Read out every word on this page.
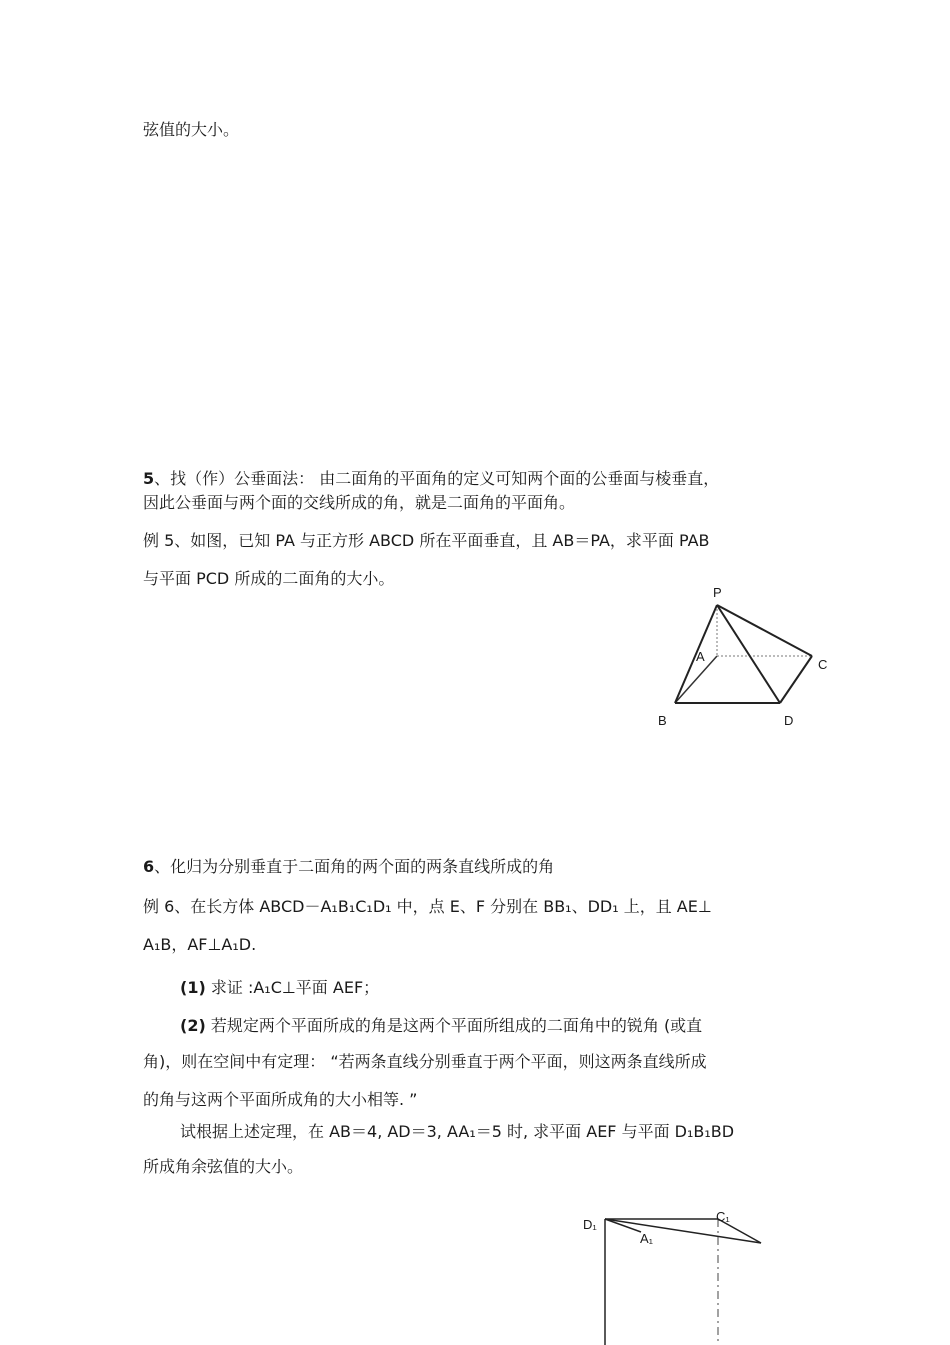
弦值的大小。
5、找（作）公垂面法： 由二面角的平面角的定义可知两个面的公垂面与棱垂直，
因此公垂面与两个面的交线所成的角，就是二面角的平面角。
例 5、如图，已知 PA 与正方形 ABCD 所在平面垂直，且 AB＝PA，求平面 PAB
与平面 PCD 所成的二面角的大小。
P
A
C
B	D
6、化归为分别垂直于二面角的两个面的两条直线所成的角
例 6、在长方体 ABCD－A₁B₁C₁D₁ 中，点 E、F 分别在 BB₁、DD₁ 上，且 AE⊥
A₁B，AF⊥A₁D.
(1) 求证 :A₁C⊥平面 AEF；
(2) 若规定两个平面所成的角是这两个平面所组成的二面角中的锐角 (或直
角)，则在空间中有定理： “若两条直线分别垂直于两个平面，则这两条直线所成
的角与这两个平面所成角的大小相等. ”
试根据上述定理，在 AB＝4, AD＝3, AA₁＝5 时, 求平面 AEF 与平面 D₁B₁BD
所成角余弦值的大小。
D₁
C₁
A₁
